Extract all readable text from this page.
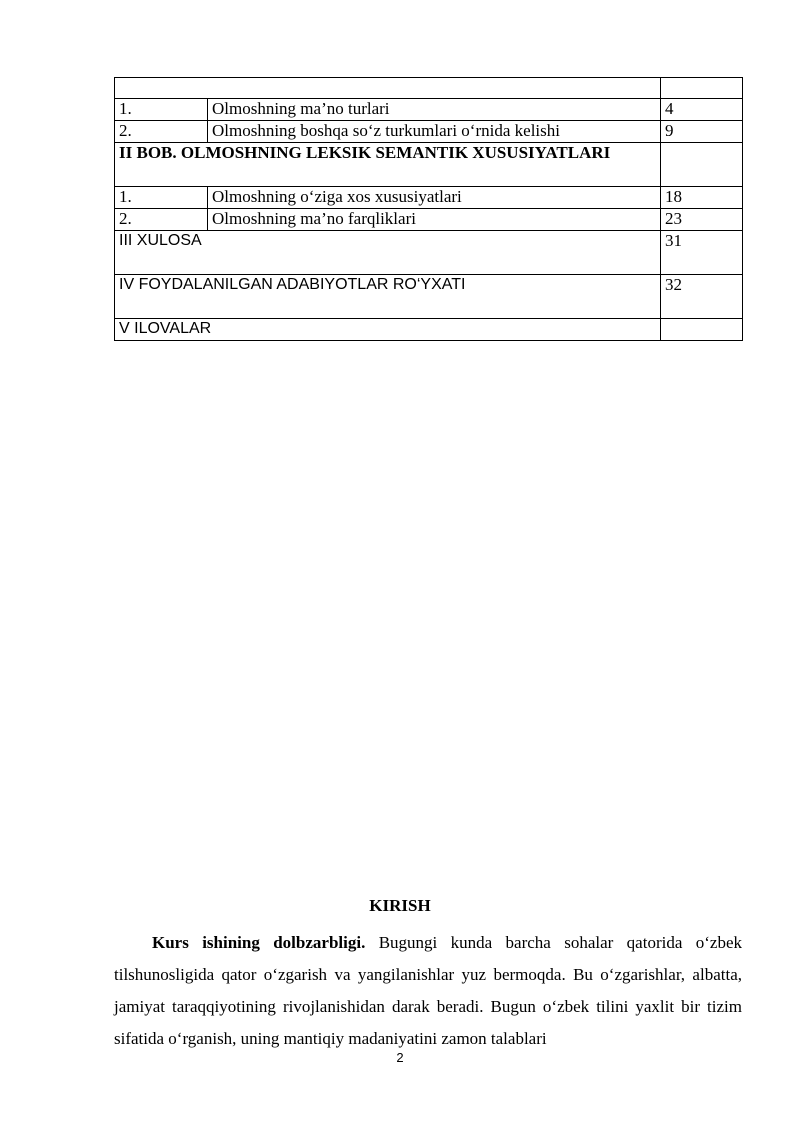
1.	Olmoshning ma’no turlari	4
2.	Olmoshning boshqa so‘z turkumlari o‘rnida kelishi	9
II BOB. OLMOSHNING LEKSIK SEMANTIK XUSUSIYATLARI		
1.	Olmoshning o‘ziga xos xususiyatlari	18
2.	Olmoshning ma’no farqliklari	23
III XULOSA		31
IV FOYDALANILGAN ADABIYOTLAR RO‘YXATI		32
V ILOVALAR		
KIRISH

Kurs ishining dolbzarbligi. Bugungi kunda barcha sohalar qatorida o‘zbek tilshunosligida qator o‘zgarish va yangilanishlar yuz bermoqda. Bu o‘zgarishlar, albatta, jamiyat taraqqiyotining rivojlanishidan darak beradi. Bugun o‘zbek tilini yaxlit bir tizim sifatida o‘rganish, uning mantiqiy madaniyatini zamon talablari

2
